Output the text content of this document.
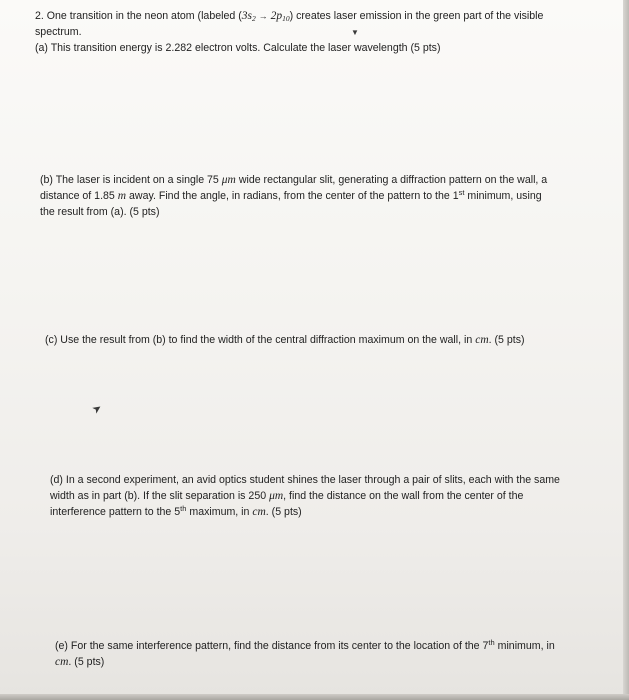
2. One transition in the neon atom (labeled $(3s_2 \to 2p_{10})$ creates laser emission in the green part of the visible
spectrum.	▼

(a) This transition energy is 2.282 electron volts. Calculate the laser wavelength (5 pts)

(b) The laser is incident on a single 75 μm wide rectangular slit, generating a diffraction pattern on the wall, a
distance of 1.85 m away. Find the angle, in radians, from the center of the pattern to the 1st minimum, using
the result from (a). (5 pts)
(c) Use the result from (b) to find the width of the central diffraction maximum on the wall, in cm. (5 pts)
➤
(d) In a second experiment, an avid optics student shines the laser through a pair of slits, each with the same
width as in part (b). If the slit separation is 250 μm, find the distance on the wall from the center of the
interference pattern to the 5th maximum, in cm. (5 pts)
(e) For the same interference pattern, find the distance from its center to the location of the 7th minimum, in
cm. (5 pts)
